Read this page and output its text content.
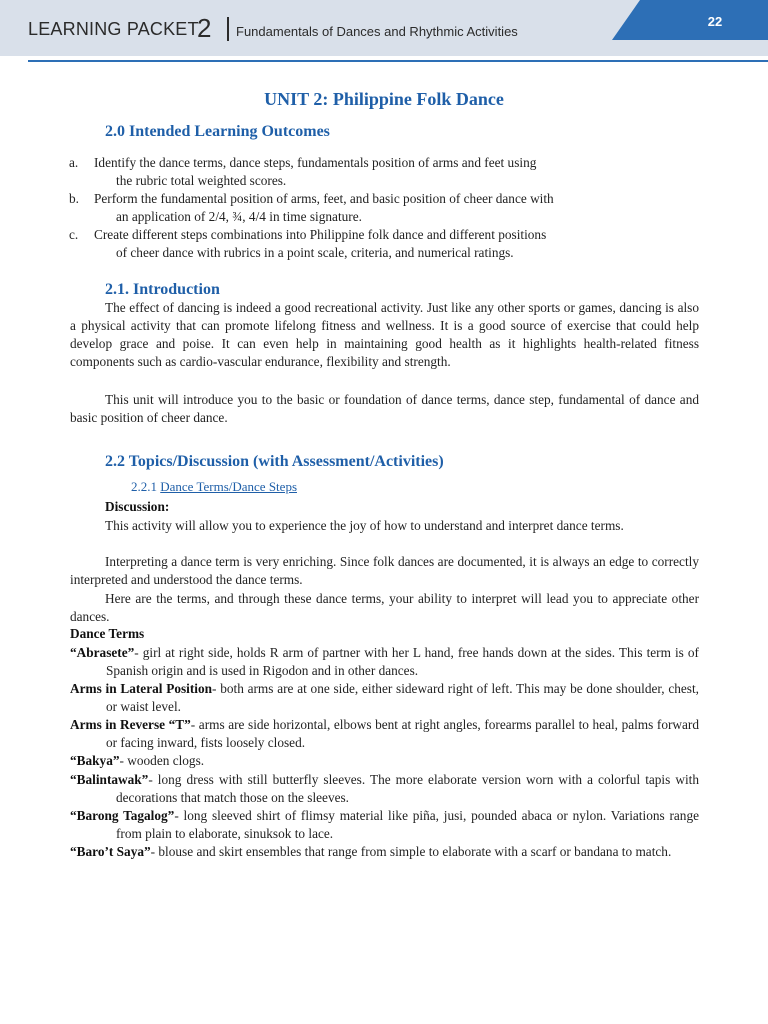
22
LEARNING PACKET
2 Fundamentals of Dances and Rhythmic Activities
UNIT 2: Philippine Folk Dance
2.0 Intended Learning Outcomes
a. Identify the dance terms, dance steps, fundamentals position of arms and feet using
the rubric total weighted scores.
b. Perform the fundamental position of arms, feet, and basic position of cheer dance with
an application of 2/4, ¾, 4/4 in time signature.
c. Create different steps combinations into Philippine folk dance and different positions
of cheer dance with rubrics in a point scale, criteria, and numerical ratings.
2.1. Introduction
The effect of dancing is indeed a good recreational activity. Just like any other sports or games, dancing is also a physical activity that can promote lifelong fitness and wellness. It is a good source of exercise that could help develop grace and poise. It can even help in maintaining good health as it highlights health-related fitness components such as cardio-vascular endurance, flexibility and strength.
This unit will introduce you to the basic or foundation of dance terms, dance step, fundamental of dance and basic position of cheer dance.
2.2 Topics/Discussion (with Assessment/Activities)
2.2.1 Dance Terms/Dance Steps
Discussion:
This activity will allow you to experience the joy of how to understand and interpret dance terms.
Interpreting a dance term is very enriching. Since folk dances are documented, it is always an edge to correctly interpreted and understood the dance terms.
Here are the terms, and through these dance terms, your ability to interpret will lead you to appreciate other dances.
Dance Terms
“Abrasete”- girl at right side, holds R arm of partner with her L hand, free hands down at the sides. This term is of Spanish origin and is used in Rigodon and in other dances.
Arms in Lateral Position- both arms are at one side, either sideward right of left. This may be done shoulder, chest, or waist level.
Arms in Reverse “T”- arms are side horizontal, elbows bent at right angles, forearms parallel to heal, palms forward or facing inward, fists loosely closed.
“Bakya”- wooden clogs.
“Balintawak”- long dress with still butterfly sleeves. The more elaborate version worn with a colorful tapis with decorations that match those on the sleeves.
“Barong Tagalog”- long sleeved shirt of flimsy material like piña, jusi, pounded abaca or nylon. Variations range from plain to elaborate, sinuksok to lace.
“Baro’t Saya”- blouse and skirt ensembles that range from simple to elaborate with a scarf or bandana to match.
